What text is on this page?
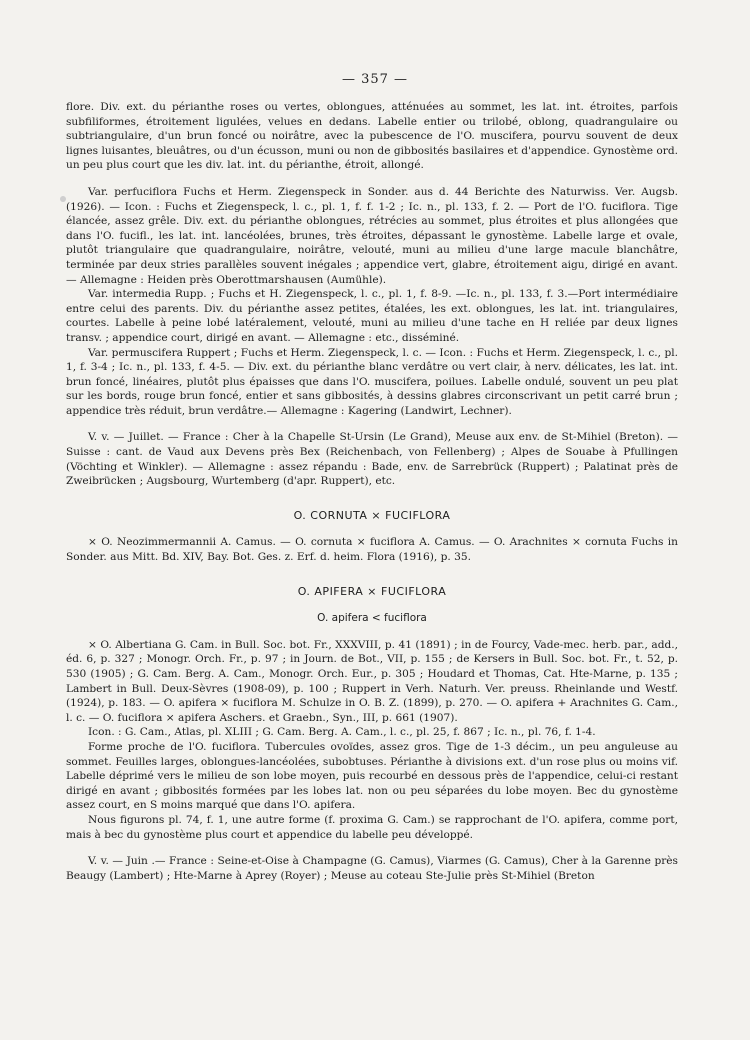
— 357 —

flore. Div. ext. du périanthe roses ou vertes, oblongues, atténuées au sommet, les lat. int. étroites, parfois subfiliformes, étroitement ligulées, velues en dedans. Labelle entier ou trilobé, oblong, quadrangulaire ou subtriangulaire, d'un brun foncé ou noirâtre, avec la pubescence de l'O. muscifera, pourvu souvent de deux lignes luisantes, bleuâtres, ou d'un écusson, muni ou non de gibbosités basilaires et d'appendice. Gynostème ord. un peu plus court que les div. lat. int. du périanthe, étroit, allongé.

Var. perfuciflora Fuchs et Herm. Ziegenspeck in Sonder. aus d. 44 Berichte des Naturwiss. Ver. Augsb. (1926). — Icon. : Fuchs et Ziegenspeck, l. c., pl. 1, f. f. 1-2 ; Ic. n., pl. 133, f. 2. — Port de l'O. fuciflora. Tige élancée, assez grêle. Div. ext. du périanthe oblongues, rétrécies au sommet, plus étroites et plus allongées que dans l'O. fucifl., les lat. int. lancéolées, brunes, très étroites, dépassant le gynostème. Labelle large et ovale, plutôt triangulaire que quadrangulaire, noirâtre, velouté, muni au milieu d'une large macule blanchâtre, terminée par deux stries parallèles souvent inégales ; appendice vert, glabre, étroitement aigu, dirigé en avant. — Allemagne : Heiden près Oberottmarshausen (Aumühle).

Var. intermedia Rupp. ; Fuchs et H. Ziegenspeck, l. c., pl. 1, f. 8-9. —Ic. n., pl. 133, f. 3.—Port intermédiaire entre celui des parents. Div. du périanthe assez petites, étalées, les ext. oblongues, les lat. int. triangulaires, courtes. Labelle à peine lobé latéralement, velouté, muni au milieu d'une tache en H reliée par deux lignes transv. ; appendice court, dirigé en avant. — Allemagne : etc., disséminé.

Var. permuscifera Ruppert ; Fuchs et Herm. Ziegenspeck, l. c. — Icon. : Fuchs et Herm. Ziegenspeck, l. c., pl. 1, f. 3-4 ; Ic. n., pl. 133, f. 4-5. — Div. ext. du périanthe blanc verdâtre ou vert clair, à nerv. délicates, les lat. int. brun foncé, linéaires, plutôt plus épaisses que dans l'O. muscifera, poilues. Labelle ondulé, souvent un peu plat sur les bords, rouge brun foncé, entier et sans gibbosités, à dessins glabres circonscrivant un petit carré brun ; appendice très réduit, brun verdâtre.— Allemagne : Kagering (Landwirt, Lechner).

V. v. — Juillet. — France : Cher à la Chapelle St-Ursin (Le Grand), Meuse aux env. de St-Mihiel (Breton). — Suisse : cant. de Vaud aux Devens près Bex (Reichenbach, von Fellenberg) ; Alpes de Souabe à Pfullingen (Vöchting et Winkler). — Allemagne : assez répandu : Bade, env. de Sarrebrück (Ruppert) ; Palatinat près de Zweibrücken ; Augsbourg, Wurtemberg (d'apr. Ruppert), etc.

O. CORNUTA × FUCIFLORA

× O. Neozimmermannii A. Camus. — O. cornuta × fuciflora A. Camus. — O. Arachnites × cornuta Fuchs in Sonder. aus Mitt. Bd. XIV, Bay. Bot. Ges. z. Erf. d. heim. Flora (1916), p. 35.

O. APIFERA × FUCIFLORA

O. apifera < fuciflora

× O. Albertiana G. Cam. in Bull. Soc. bot. Fr., XXXVIII, p. 41 (1891) ; in de Fourcy, Vade-mec. herb. par., add., éd. 6, p. 327 ; Monogr. Orch. Fr., p. 97 ; in Journ. de Bot., VII, p. 155 ; de Kersers in Bull. Soc. bot. Fr., t. 52, p. 530 (1905) ; G. Cam. Berg. A. Cam., Monogr. Orch. Eur., p. 305 ; Houdard et Thomas, Cat. Hte-Marne, p. 135 ; Lambert in Bull. Deux-Sèvres (1908-09), p. 100 ; Ruppert in Verh. Naturh. Ver. preuss. Rheinlande und Westf. (1924), p. 183. — O. apifera × fuciflora M. Schulze in O. B. Z. (1899), p. 270. — O. apifera + Arachnites G. Cam., l. c. — O. fuciflora × apifera Aschers. et Graebn., Syn., III, p. 661 (1907).

Icon. : G. Cam., Atlas, pl. XLIII ; G. Cam. Berg. A. Cam., l. c., pl. 25, f. 867 ; Ic. n., pl. 76, f. 1-4.

Forme proche de l'O. fuciflora. Tubercules ovoïdes, assez gros. Tige de 1-3 décim., un peu anguleuse au sommet. Feuilles larges, oblongues-lancéolées, subobtuses. Périanthe à divisions ext. d'un rose plus ou moins vif. Labelle déprimé vers le milieu de son lobe moyen, puis recourbé en dessous près de l'appendice, celui-ci restant dirigé en avant ; gibbosités formées par les lobes lat. non ou peu séparées du lobe moyen. Bec du gynostème assez court, en S moins marqué que dans l'O. apifera.

Nous figurons pl. 74, f. 1, une autre forme (f. proxima G. Cam.) se rapprochant de l'O. apifera, comme port, mais à bec du gynostème plus court et appendice du labelle peu développé.

V. v. — Juin .— France : Seine-et-Oise à Champagne (G. Camus), Viarmes (G. Camus), Cher à la Garenne près Beaugy (Lambert) ; Hte-Marne à Aprey (Royer) ; Meuse au coteau Ste-Julie près St-Mihiel (Breton
